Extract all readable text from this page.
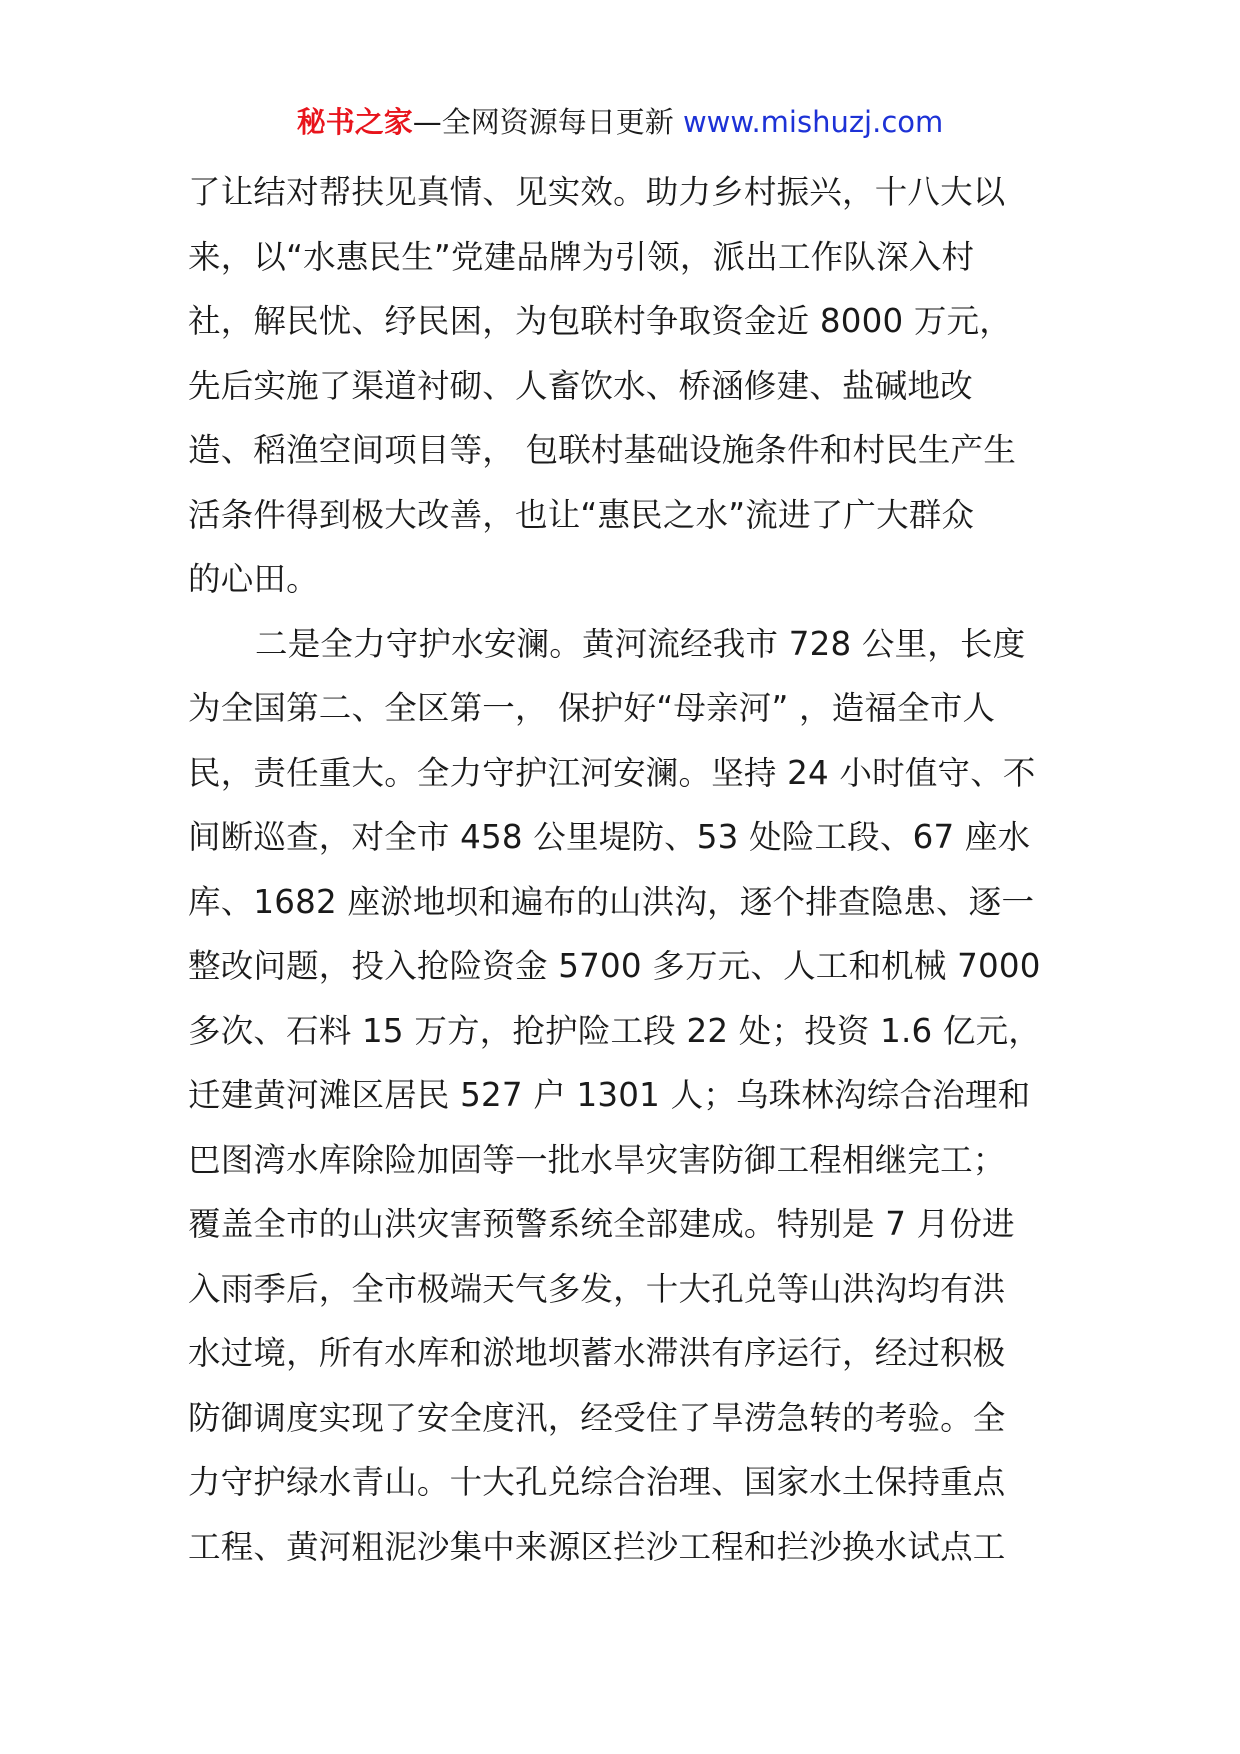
秘书之家—全网资源每日更新 www.mishuzj.com
了让结对帮扶见真情、见实效。助力乡村振兴，十八大以
来，以“水惠民生”党建品牌为引领，派出工作队深入村
社，解民忧、纾民困，为包联村争取资金近 8000 万元，
先后实施了渠道衬砌、人畜饮水、桥涵修建、盐碱地改
造、稻渔空间项目等， 包联村基础设施条件和村民生产生
活条件得到极大改善，也让“惠民之水”流进了广大群众
的心田。
二是全力守护水安澜。黄河流经我市 728 公里，长度
为全国第二、全区第一， 保护好“母亲河” ，造福全市人
民，责任重大。全力守护江河安澜。坚持 24 小时值守、不
间断巡查，对全市 458 公里堤防、53 处险工段、67 座水
库、1682 座淤地坝和遍布的山洪沟，逐个排查隐患、逐一
整改问题，投入抢险资金 5700 多万元、人工和机械 7000
多次、石料 15 万方，抢护险工段 22 处；投资 1.6 亿元，
迁建黄河滩区居民 527 户 1301 人；乌珠林沟综合治理和
巴图湾水库除险加固等一批水旱灾害防御工程相继完工；
覆盖全市的山洪灾害预警系统全部建成。特别是 7 月份进
入雨季后，全市极端天气多发，十大孔兑等山洪沟均有洪
水过境，所有水库和淤地坝蓄水滞洪有序运行，经过积极
防御调度实现了安全度汛，经受住了旱涝急转的考验。全
力守护绿水青山。十大孔兑综合治理、国家水土保持重点
工程、黄河粗泥沙集中来源区拦沙工程和拦沙换水试点工
